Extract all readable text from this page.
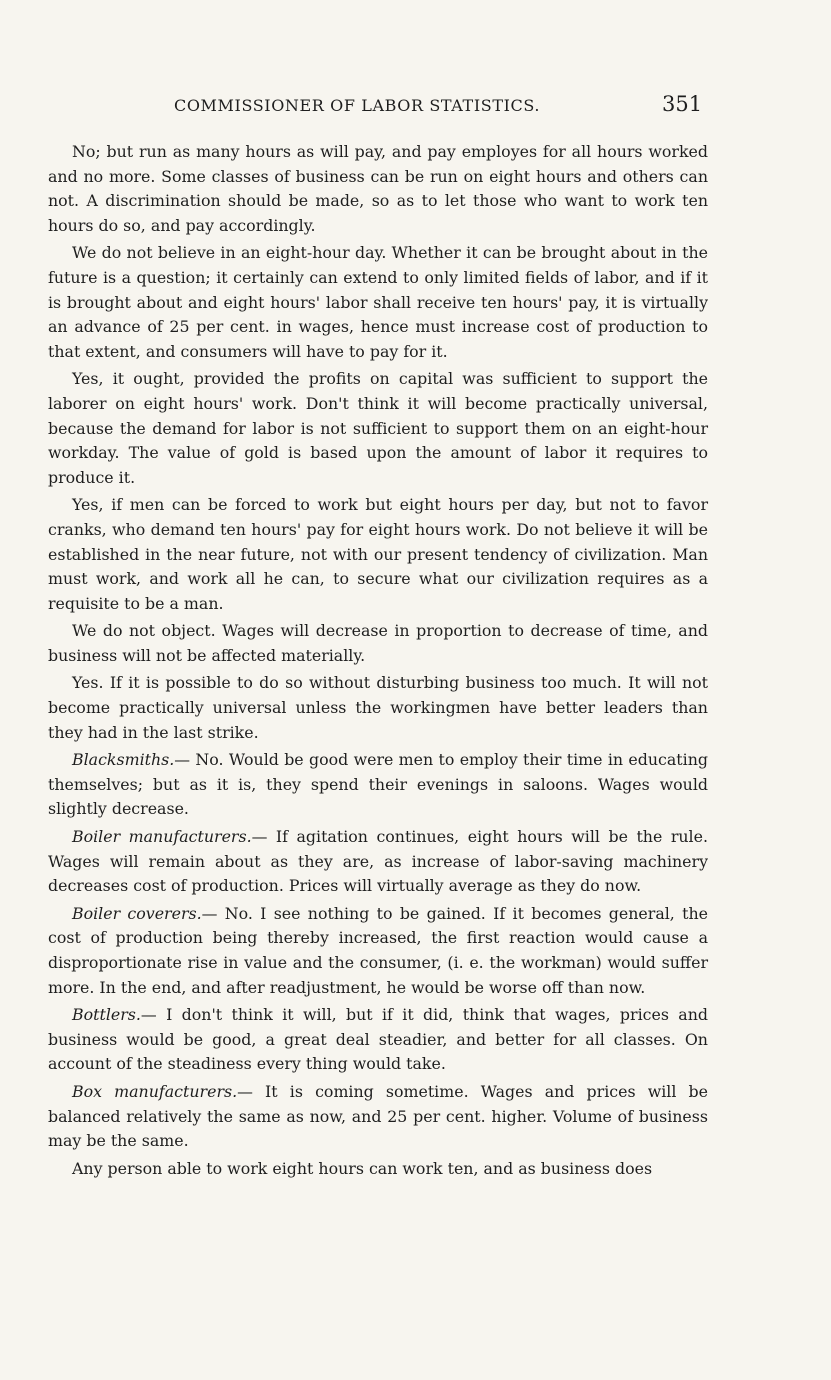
COMMISSIONER OF LABOR STATISTICS.	351

No; but run as many hours as will pay, and pay employes for all hours worked and no more. Some classes of business can be run on eight hours and others can not. A discrimination should be made, so as to let those who want to work ten hours do so, and pay accordingly.

We do not believe in an eight-hour day. Whether it can be brought about in the future is a question; it certainly can extend to only limited fields of labor, and if it is brought about and eight hours' labor shall receive ten hours' pay, it is virtually an advance of 25 per cent. in wages, hence must increase cost of production to that extent, and consumers will have to pay for it.

Yes, it ought, provided the profits on capital was sufficient to support the laborer on eight hours' work. Don't think it will become practically universal, because the demand for labor is not sufficient to support them on an eight-hour workday. The value of gold is based upon the amount of labor it requires to produce it.

Yes, if men can be forced to work but eight hours per day, but not to favor cranks, who demand ten hours' pay for eight hours work. Do not believe it will be established in the near future, not with our present tendency of civilization. Man must work, and work all he can, to secure what our civilization requires as a requisite to be a man.

We do not object. Wages will decrease in proportion to decrease of time, and business will not be affected materially.

Yes. If it is possible to do so without disturbing business too much. It will not become practically universal unless the workingmen have better leaders than they had in the last strike.

Blacksmiths.— No. Would be good were men to employ their time in educating themselves; but as it is, they spend their evenings in saloons. Wages would slightly decrease.

Boiler manufacturers.— If agitation continues, eight hours will be the rule. Wages will remain about as they are, as increase of labor-saving machinery decreases cost of production. Prices will virtually average as they do now.

Boiler coverers.— No. I see nothing to be gained. If it becomes general, the cost of production being thereby increased, the first reaction would cause a disproportionate rise in value and the consumer, (i. e. the workman) would suffer more. In the end, and after readjustment, he would be worse off than now.

Bottlers.— I don't think it will, but if it did, think that wages, prices and business would be good, a great deal steadier, and better for all classes. On account of the steadiness every thing would take.

Box manufacturers.— It is coming sometime. Wages and prices will be balanced relatively the same as now, and 25 per cent. higher. Volume of business may be the same.

Any person able to work eight hours can work ten, and as business does
